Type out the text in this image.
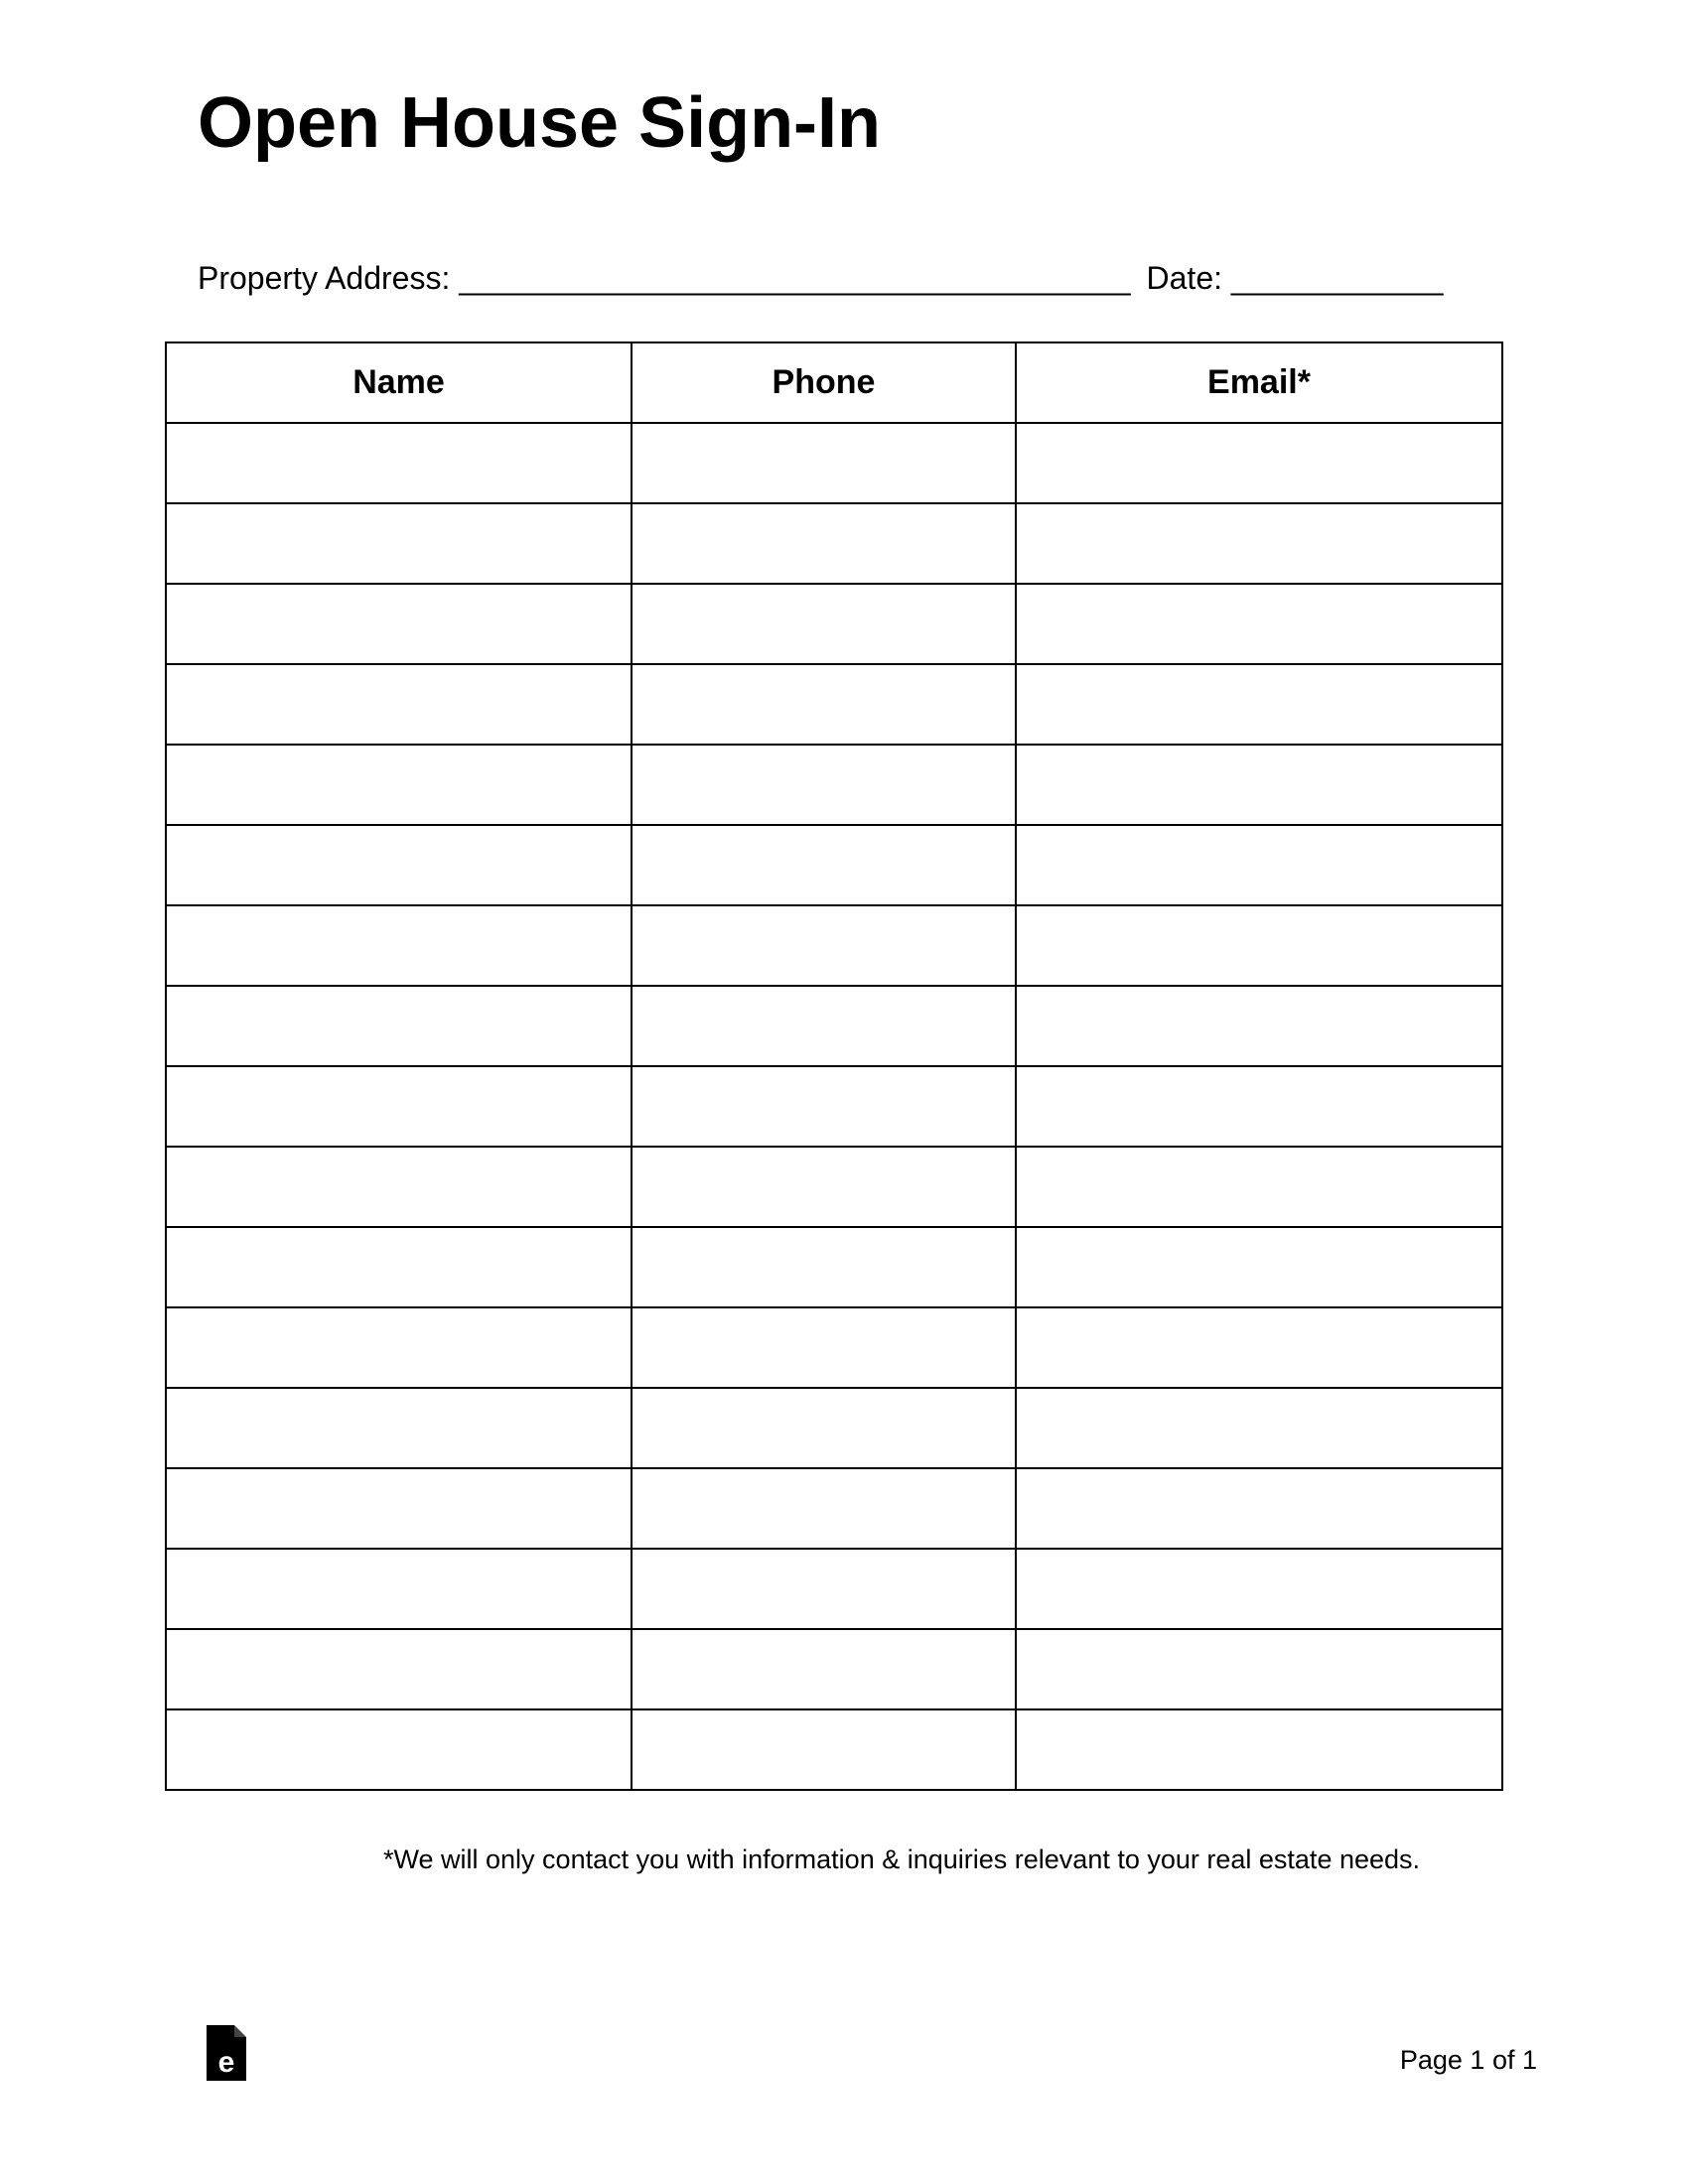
Open House Sign-In
Property Address: ______________________________________ Date: ____________
Name	Phone	Email*

*We will only contact you with information & inquiries relevant to your real estate needs.
e	Page 1 of 1
